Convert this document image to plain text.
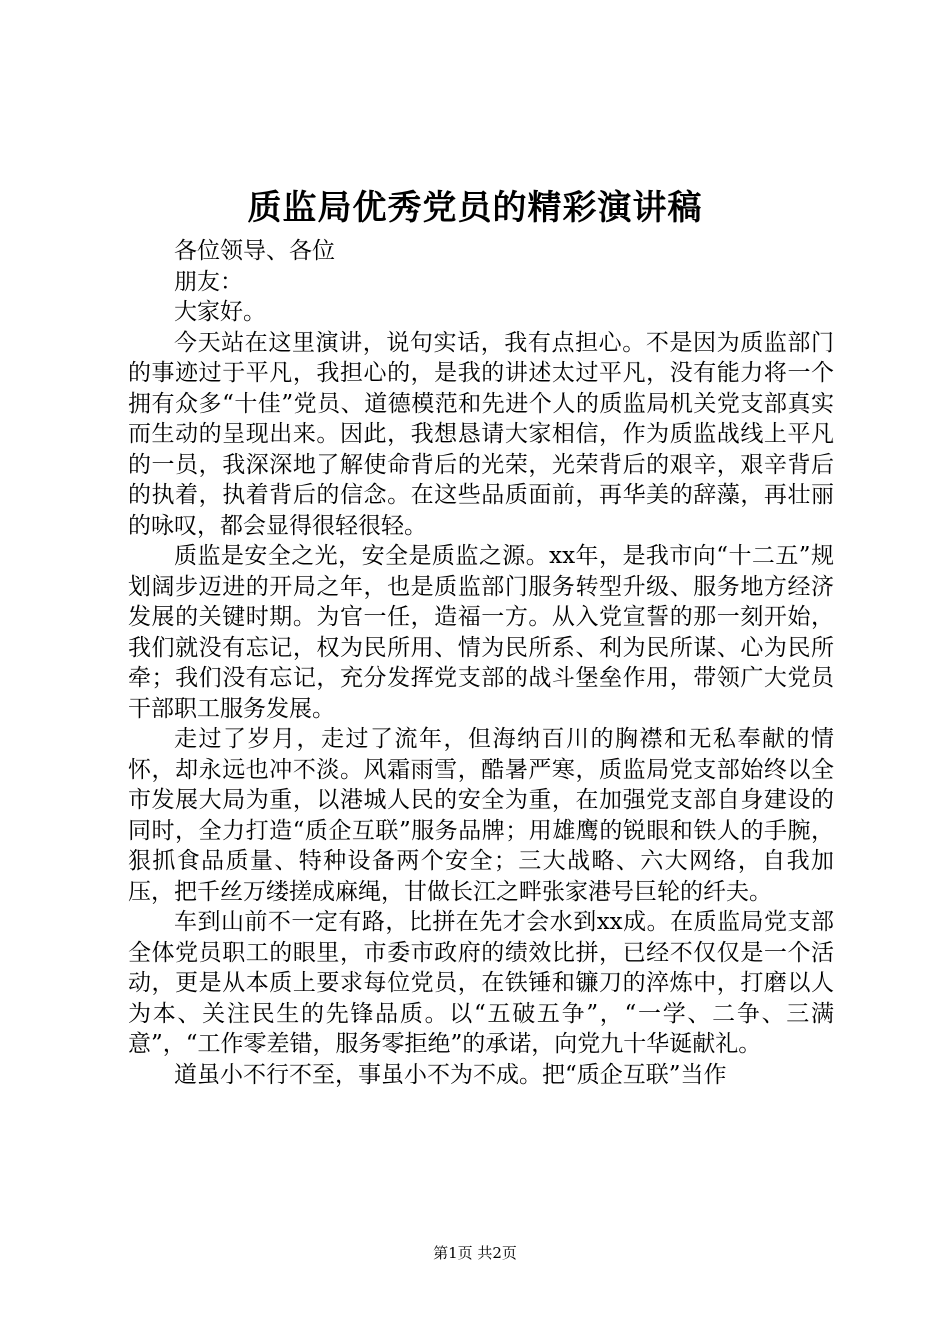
质监局优秀党员的精彩演讲稿

各位领导、各位

朋友：

大家好。

今天站在这里演讲，说句实话，我有点担心。不是因为质监部门的事迹过于平凡，我担心的，是我的讲述太过平凡，没有能力将一个拥有众多“十佳”党员、道德模范和先进个人的质监局机关党支部真实而生动的呈现出来。因此，我想恳请大家相信，作为质监战线上平凡的一员，我深深地了解使命背后的光荣，光荣背后的艰辛，艰辛背后的执着，执着背后的信念。在这些品质面前，再华美的辞藻，再壮丽的咏叹，都会显得很轻很轻。

质监是安全之光，安全是质监之源。xx年，是我市向“十二五”规划阔步迈进的开局之年，也是质监部门服务转型升级、服务地方经济发展的关键时期。为官一任，造福一方。从入党宣誓的那一刻开始，我们就没有忘记，权为民所用、情为民所系、利为民所谋、心为民所牵；我们没有忘记，充分发挥党支部的战斗堡垒作用，带领广大党员干部职工服务发展。

走过了岁月，走过了流年，但海纳百川的胸襟和无私奉献的情怀，却永远也冲不淡。风霜雨雪，酷暑严寒，质监局党支部始终以全市发展大局为重，以港城人民的安全为重，在加强党支部自身建设的同时，全力打造“质企互联”服务品牌；用雄鹰的锐眼和铁人的手腕，狠抓食品质量、特种设备两个安全；三大战略、六大网络，自我加压，把千丝万缕搓成麻绳，甘做长江之畔张家港号巨轮的纤夫。

车到山前不一定有路，比拼在先才会水到xx成。在质监局党支部全体党员职工的眼里，市委市政府的绩效比拼，已经不仅仅是一个活动，更是从本质上要求每位党员，在铁锤和镰刀的淬炼中，打磨以人为本、关注民生的先锋品质。以“五破五争”，“一学、二争、三满意”，“工作零差错，服务零拒绝”的承诺，向党九十华诞献礼。

道虽小不行不至，事虽小不为不成。把“质企互联”当作

第1页 共2页
